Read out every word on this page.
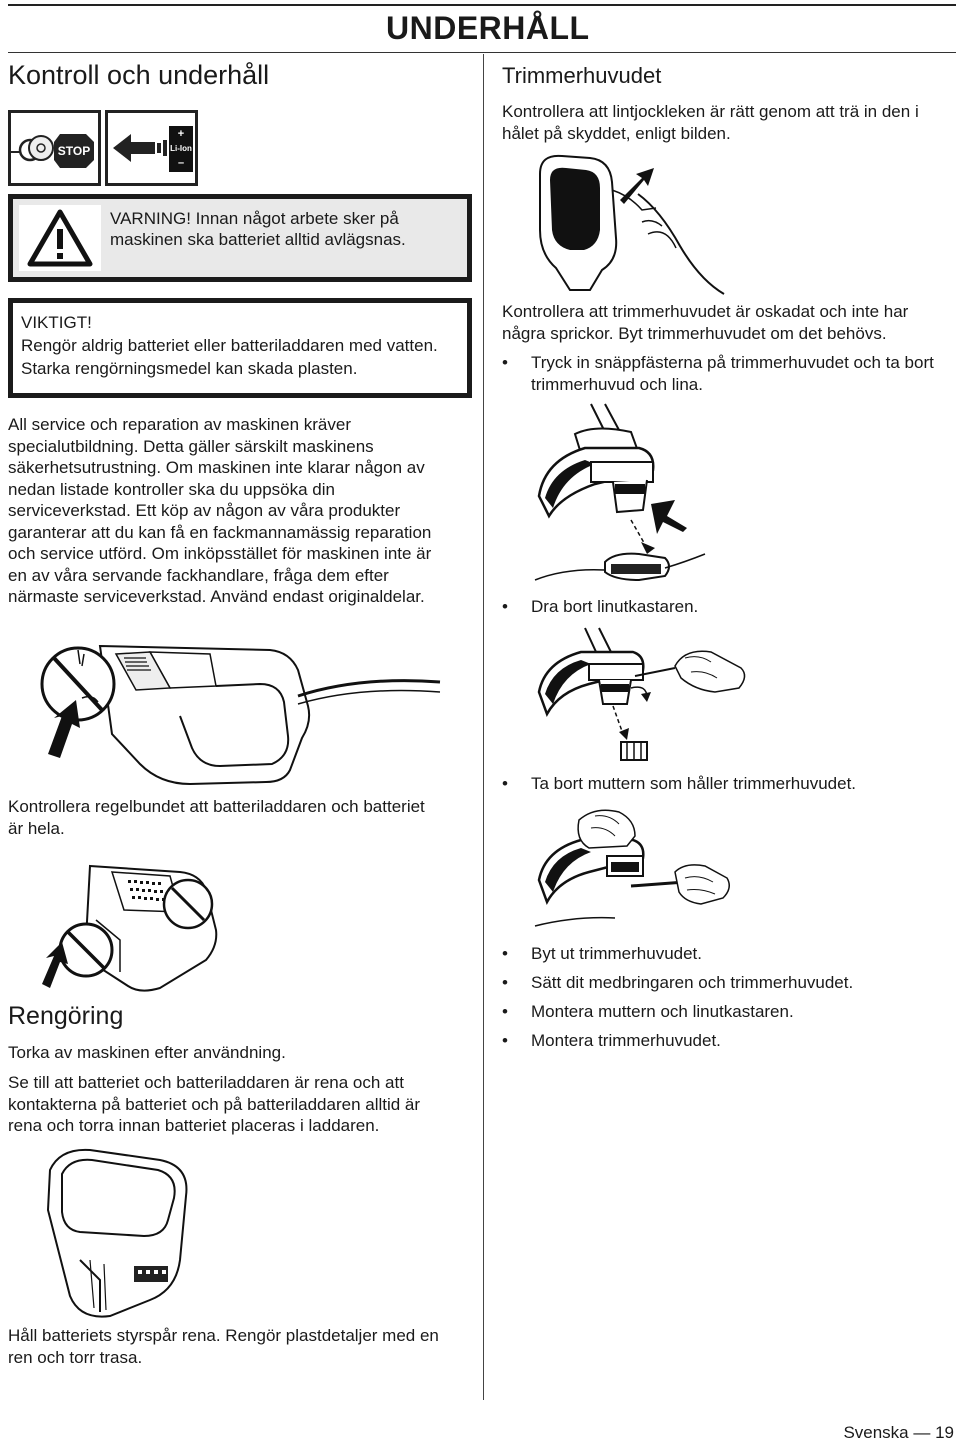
UNDERHÅLL
Kontroll och underhåll
STOP
+
Li-Ion
–
VARNING! Innan något arbete sker på
maskinen ska batteriet alltid avlägsnas.
VIKTIGT!
Rengör aldrig batteriet eller batteriladdaren med vatten.
Starka rengörningsmedel kan skada plasten.
All service och reparation av maskinen kräver
specialutbildning. Detta gäller särskilt maskinens
säkerhetsutrustning. Om maskinen inte klarar någon av
nedan listade kontroller ska du uppsöka din
serviceverkstad. Ett köp av någon av våra produkter
garanterar att du kan få en fackmannamässig reparation
och service utförd. Om inköpsstället för maskinen inte är
en av våra servande fackhandlare, fråga dem efter
närmaste serviceverkstad. Använd endast originaldelar.
Kontrollera regelbundet att batteriladdaren och batteriet
är hela.
Rengöring
Torka av maskinen efter användning.
Se till att batteriet och batteriladdaren är rena och att
kontakterna på batteriet och på batteriladdaren alltid är
rena och torra innan batteriet placeras i laddaren.
Håll batteriets styrspår rena. Rengör plastdetaljer med en
ren och torr trasa.
Trimmerhuvudet
Kontrollera att lintjockleken är rätt genom att trä in den i
hålet på skyddet, enligt bilden.
Kontrollera att trimmerhuvudet är oskadat och inte har
några sprickor. Byt trimmerhuvudet om det behövs.
• Tryck in snäppfästerna på trimmerhuvudet och ta bort
trimmerhuvud och lina.
• Dra bort linutkastaren.
• Ta bort muttern som håller trimmerhuvudet.
• Byt ut trimmerhuvudet.
• Sätt dit medbringaren och trimmerhuvudet.
• Montera muttern och linutkastaren.
• Montera trimmerhuvudet.
Svenska — 19
